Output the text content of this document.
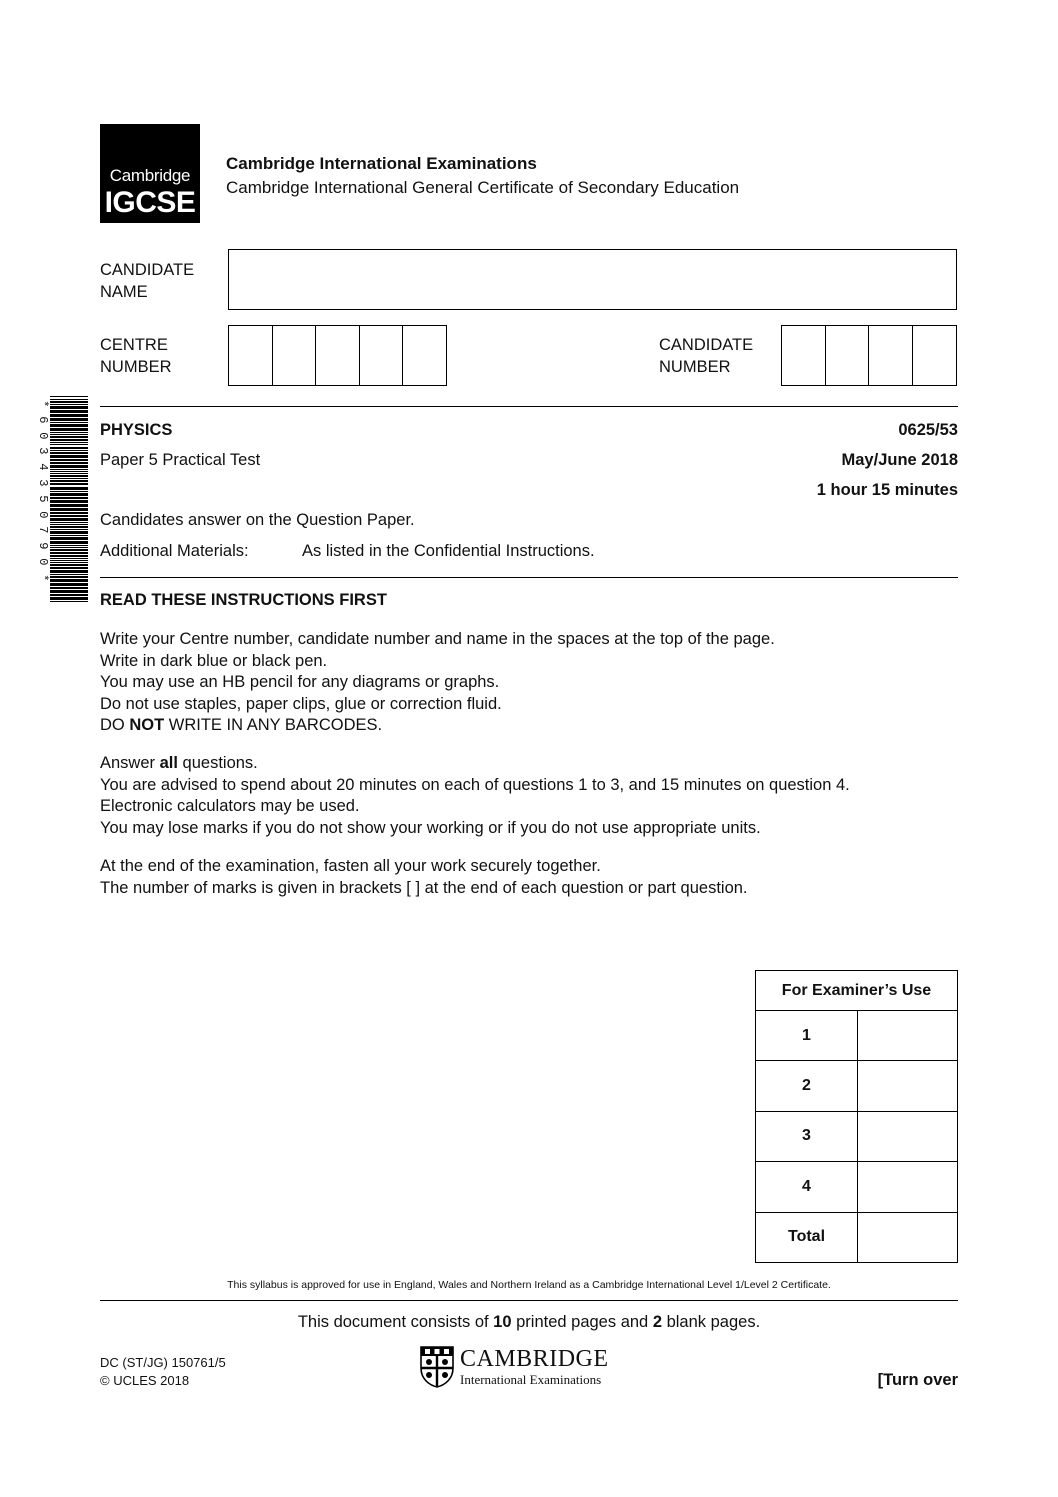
Cambridge
IGCSE
Cambridge International Examinations
Cambridge International General Certificate of Secondary Education
CANDIDATE
NAME
CENTRE
NUMBER
CANDIDATE
NUMBER
*
6
0
3
4
3
5
0
7
9
0
*
PHYSICS	0625/53
Paper 5 Practical Test	May/June 2018
1 hour 15 minutes
Candidates answer on the Question Paper.
Additional Materials:	As listed in the Confidential Instructions.
READ THESE INSTRUCTIONS FIRST
Write your Centre number, candidate number and name in the spaces at the top of the page.
Write in dark blue or black pen.
You may use an HB pencil for any diagrams or graphs.
Do not use staples, paper clips, glue or correction fluid.
DO NOT WRITE IN ANY BARCODES.
Answer all questions.
You are advised to spend about 20 minutes on each of questions 1 to 3, and 15 minutes on question 4.
Electronic calculators may be used.
You may lose marks if you do not show your working or if you do not use appropriate units.
At the end of the examination, fasten all your work securely together.
The number of marks is given in brackets [ ] at the end of each question or part question.
For Examiner’s Use	
1	
2	
3	
4	
Total	
This syllabus is approved for use in England, Wales and Northern Ireland as a Cambridge International Level 1/Level 2 Certificate.
This document consists of 10 printed pages and 2 blank pages.
DC (ST/JG) 150761/5
© UCLES 2018
CAMBRIDGE
International Examinations	[Turn over
